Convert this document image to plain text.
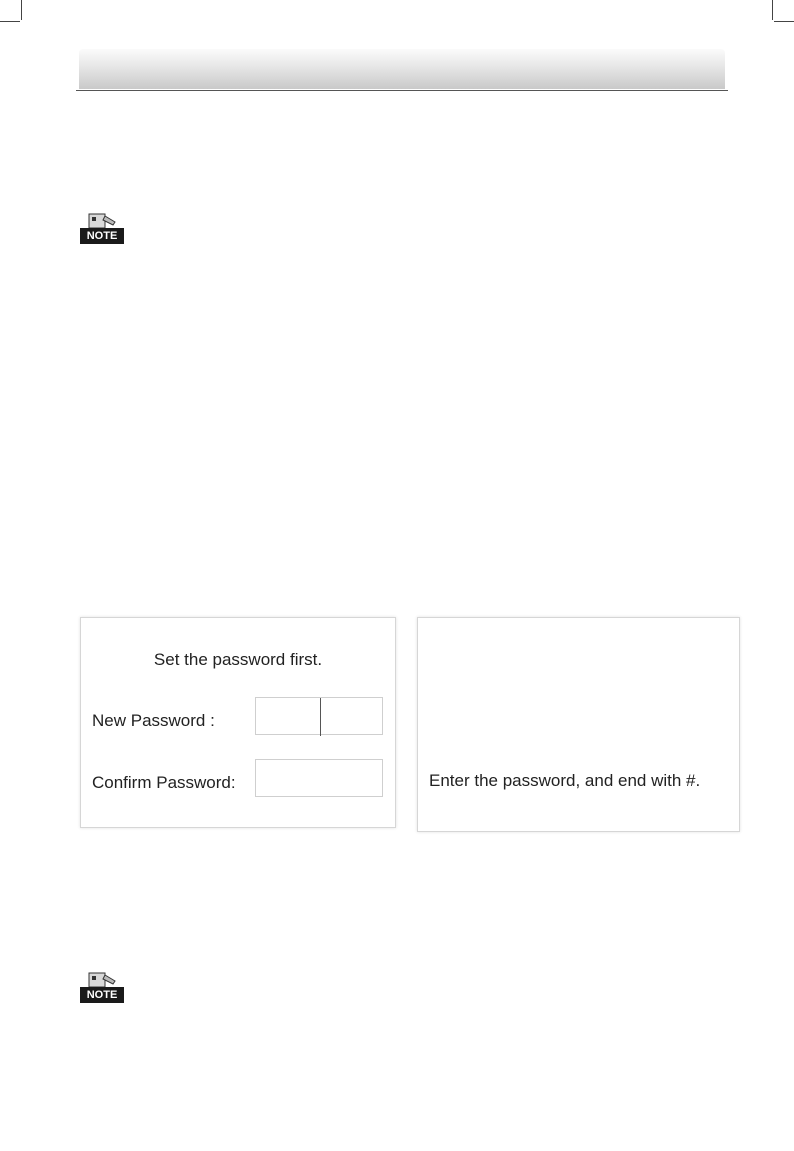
NOTE
Set the password first.
New Password :
Confirm Password:	Enter the password, and end with #.
NOTE
